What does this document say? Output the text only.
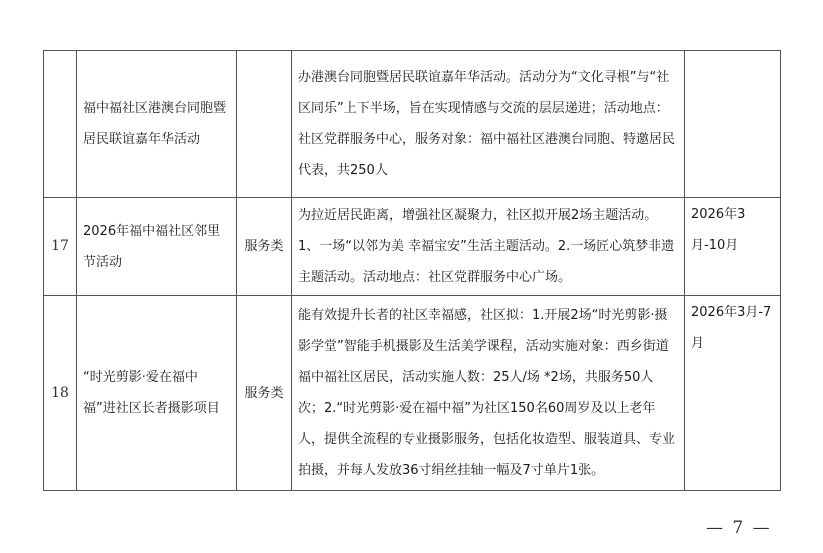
	福中福社区港澳台同胞暨居民联谊嘉年华活动		办港澳台同胞暨居民联谊嘉年华活动。活动分为“文化寻根”与“社区同乐”上下半场，旨在实现情感与交流的层层递进；活动地点：社区党群服务中心，服务对象：福中福社区港澳台同胞、特邀居民代表，共250人	

17	2026年福中福社区邻里节活动	服务类	为拉近居民距离，增强社区凝聚力，社区拟开展2场主题活动。1、一场“以邻为美 幸福宝安”生活主题活动。2.一场匠心筑梦非遗主题活动。活动地点：社区党群服务中心广场。	2026年3月-10月

18	“时光剪影·爱在福中福”进社区长者摄影项目	服务类	能有效提升长者的社区幸福感，社区拟：1.开展2场“时光剪影·摄影学堂”智能手机摄影及生活美学课程，活动实施对象：西乡街道福中福社区居民，活动实施人数：25人/场 *2场，共服务50人次；2.“时光剪影·爱在福中福”为社区150名60周岁及以上老年人，提供全流程的专业摄影服务，包括化妆造型、服装道具、专业拍摄，并每人发放36寸绢丝挂轴一幅及7寸单片1张。	2026年3月-7月
— 7 —
